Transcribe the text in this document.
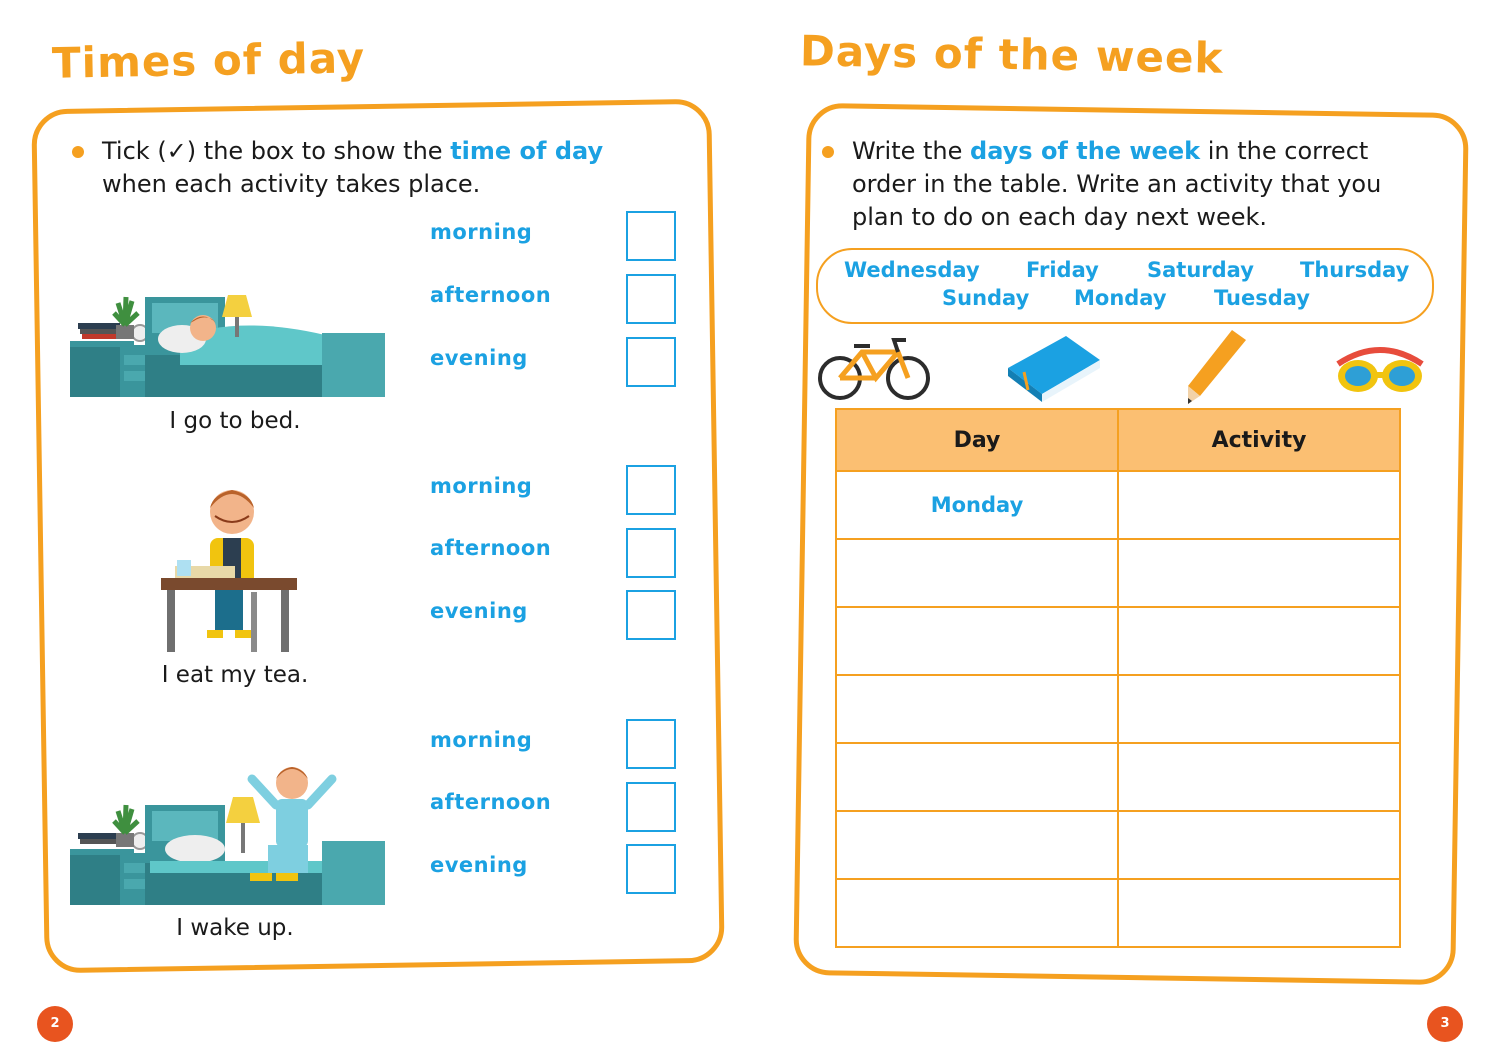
Times of day
Tick (✓) the box to show the time of day when each activity takes place.
I go to bed.
morning
afternoon
evening
I eat my tea.
morning
afternoon
evening
I wake up.
morning
afternoon
evening
2
Days of the week
Write the days of the week in the correct order in the table. Write an activity that you plan to do on each day next week.
Wednesday Friday Saturday Thursday
Sunday Monday Tuesday
Day	Activity
Monday	

3
